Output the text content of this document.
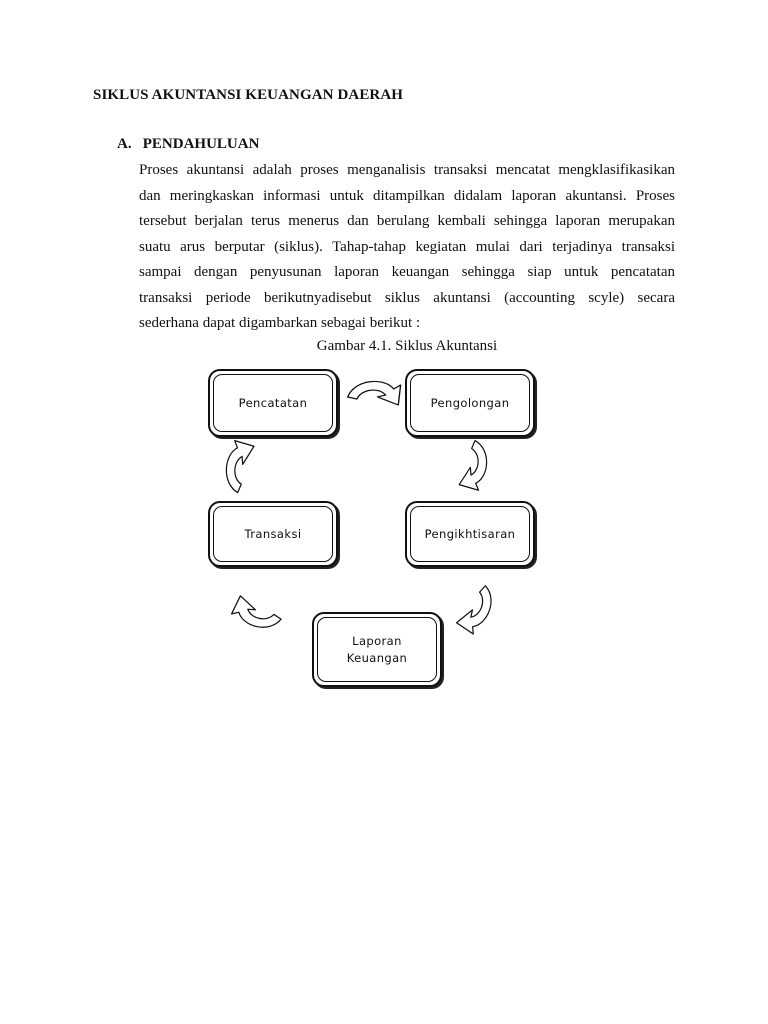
SIKLUS AKUNTANSI KEUANGAN DAERAH
A. PENDAHULUAN
Proses akuntansi adalah proses menganalisis transaksi mencatat mengklasifikasikan
dan meringkaskan informasi untuk ditampilkan didalam laporan akuntansi. Proses
tersebut berjalan terus menerus dan berulang kembali sehingga laporan merupakan
suatu arus berputar (siklus). Tahap-tahap kegiatan mulai dari terjadinya transaksi
sampai dengan penyusunan laporan keuangan sehingga siap untuk pencatatan
transaksi periode berikutnyadisebut siklus akuntansi (accounting scyle) secara
sederhana dapat digambarkan sebagai berikut :
Gambar 4.1. Siklus Akuntansi
Pencatatan	Pengolongan
Transaksi	Pengikhtisaran
Laporan
Keuangan
